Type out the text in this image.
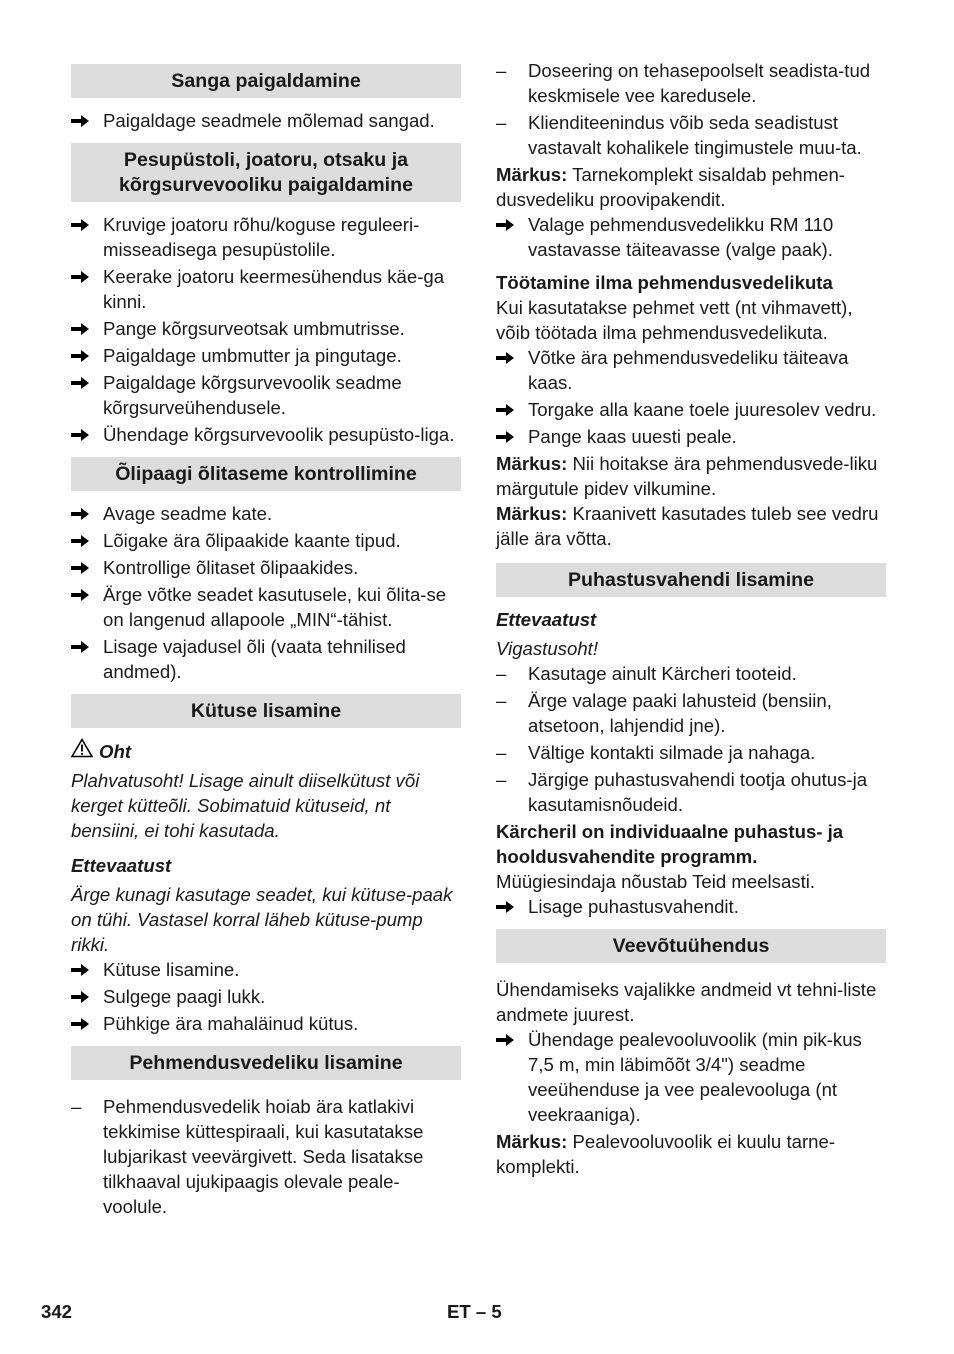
Sanga paigaldamine
Paigaldage seadmele mõlemad sangad.
Pesupüstoli, joatoru, otsaku ja
kõrgsurvevooliku paigaldamine
Kruvige joatoru rõhu/koguse reguleeri-misseadisega pesupüstolile.
Keerake joatoru keermesühendus käe-ga kinni.
Pange kõrgsurveotsak umbmutrisse.
Paigaldage umbmutter ja pingutage.
Paigaldage kõrgsurvevoolik seadme kõrgsurveühendusele.
Ühendage kõrgsurvevoolik pesupüsto-liga.
Õlipaagi õlitaseme kontrollimine
Avage seadme kate.
Lõigake ära õlipaakide kaante tipud.
Kontrollige õlitaset õlipaakides.
Ärge võtke seadet kasutusele, kui õlita-se on langenud allapoole „MIN“-tähist.
Lisage vajadusel õli (vaata tehnilised andmed).
Kütuse lisamine
Oht

Plahvatusoht! Lisage ainult diiselkütust või kerget kütteõli. Sobimatuid kütuseid, nt bensiini, ei tohi kasutada.

Ettevaatust

Ärge kunagi kasutage seadet, kui kütuse-paak on tühi. Vastasel korral läheb kütuse-pump rikki.

Kütuse lisamine.
Sulgege paagi lukk.
Pühkige ära mahaläinud kütus.
Pehmendusvedeliku lisamine
–	Pehmendusvedelik hoiab ära katlakivi tekkimise küttespiraali, kui kasutatakse lubjarikast veevärgivett. Seda lisatakse tilkhaaval ujukipaagis olevale peale-voolule.
–	Doseering on tehasepoolselt seadista-tud keskmisele vee karedusele.
–	Klienditeenindus võib seda seadistust vastavalt kohalikele tingimustele muu-ta.

Märkus: Tarnekomplekt sisaldab pehmen-dusvedeliku proovipakendit.

Valage pehmendusvedelikku RM 110 vastavasse täiteavasse (valge paak).

Töötamine ilma pehmendusvedelikuta

Kui kasutatakse pehmet vett (nt vihmavett), võib töötada ilma pehmendusvedelikuta.

Võtke ära pehmendusvedeliku täiteava kaas.
Torgake alla kaane toele juuresolev vedru.
Pange kaas uuesti peale.

Märkus: Nii hoitakse ära pehmendusvede-liku märgutule pidev vilkumine.

Märkus: Kraanivett kasutades tuleb see vedru jälle ära võtta.

Puhastusvahendi lisamine

Ettevaatust

Vigastusoht!

–	Kasutage ainult Kärcheri tooteid.
–	Ärge valage paaki lahusteid (bensiin, atsetoon, lahjendid jne).
–	Vältige kontakti silmade ja nahaga.
–	Järgige puhastusvahendi tootja ohutus-ja kasutamisnõudeid.

Kärcheril on individuaalne puhastus- ja hooldusvahendite programm.

Müügiesindaja nõustab Teid meelsasti.

Lisage puhastusvahendit.
Veevõtuühendus

Ühendamiseks vajalikke andmeid vt tehni-liste andmete juurest.

Ühendage pealevooluvoolik (min pik-kus 7,5 m, min läbimõõt 3/4") seadme veeühenduse ja vee pealevooluga (nt veekraaniga).

Märkus: Pealevooluvoolik ei kuulu tarne-komplekti.

342	ET – 5
